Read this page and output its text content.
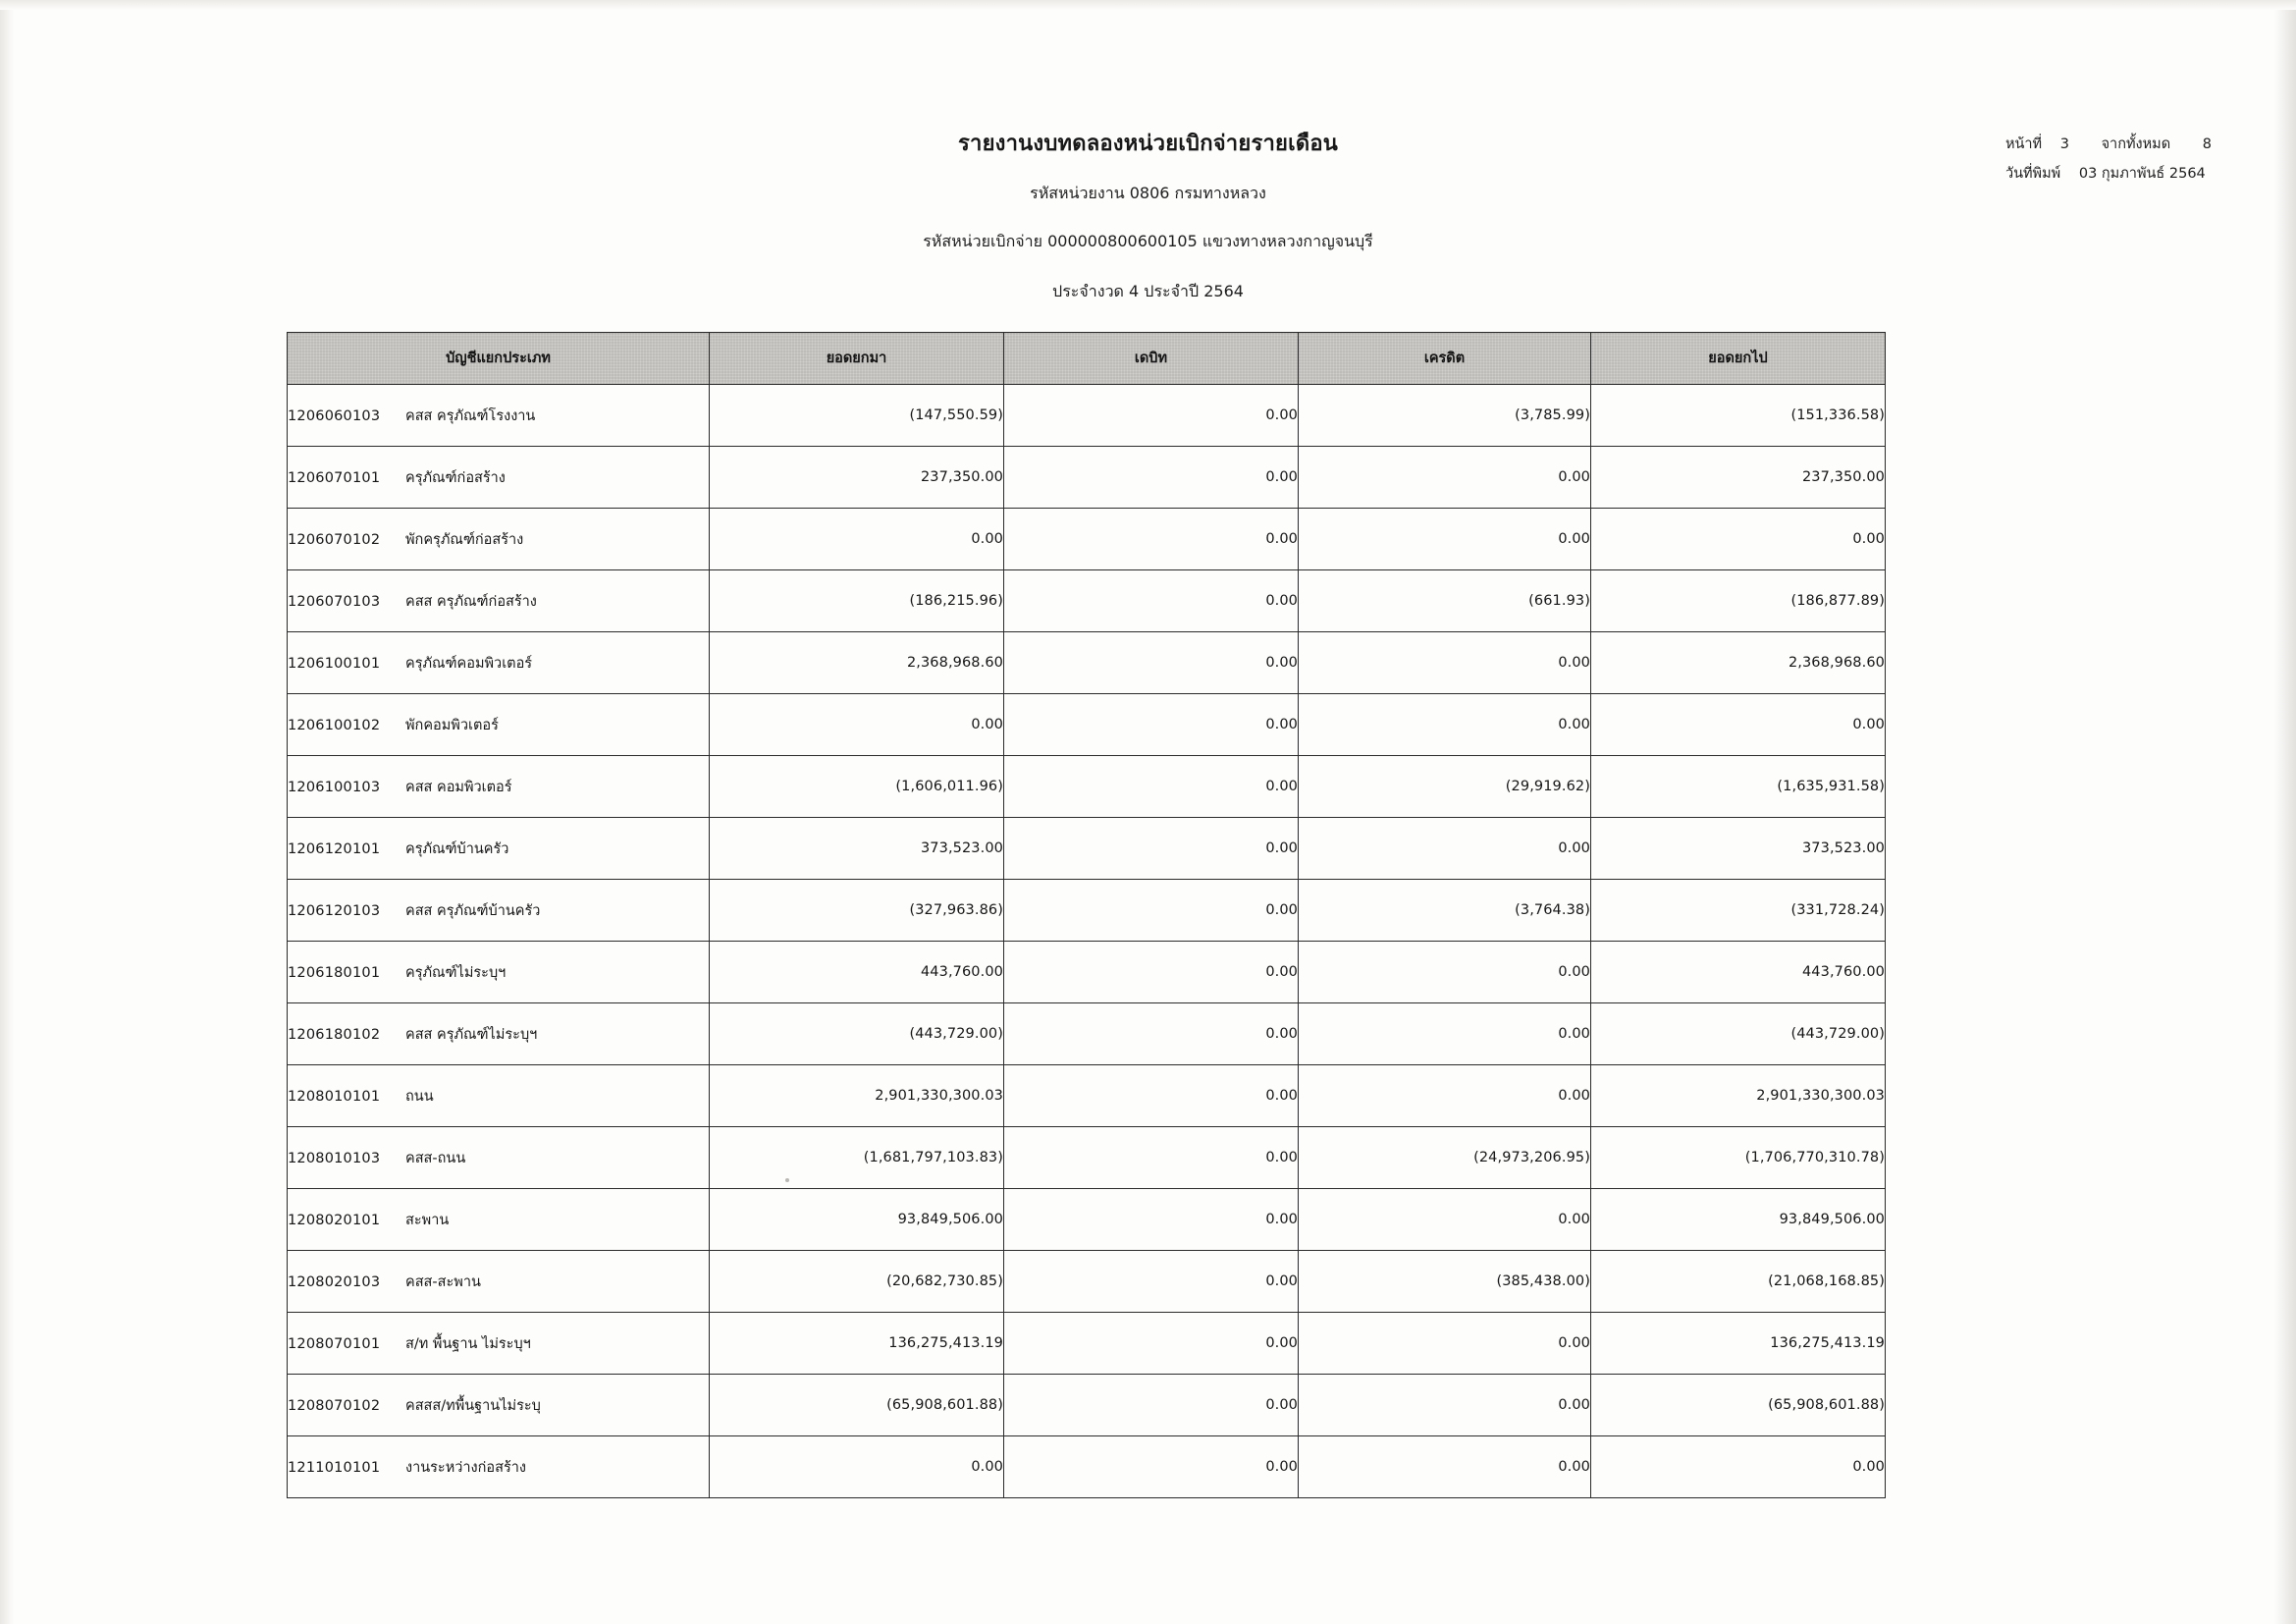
รายงานงบทดลองหน่วยเบิกจ่ายรายเดือน
รหัสหน่วยงาน 0806 กรมทางหลวง
รหัสหน่วยเบิกจ่าย 000000800600105 แขวงทางหลวงกาญจนบุรี
ประจำงวด 4 ประจำปี 2564
หน้าที่ 3 จากทั้งหมด 8
วันที่พิมพ์ 03 กุมภาพันธ์ 2564
บัญชีแยกประเภท	ยอดยกมา	เดบิท	เครดิต	ยอดยกไป

1206060103 คสส ครุภัณฑ์โรงงาน	(147,550.59)	0.00	(3,785.99)	(151,336.58)
1206070101 ครุภัณฑ์ก่อสร้าง	237,350.00	0.00	0.00	237,350.00
1206070102 พักครุภัณฑ์ก่อสร้าง	0.00	0.00	0.00	0.00
1206070103 คสส ครุภัณฑ์ก่อสร้าง	(186,215.96)	0.00	(661.93)	(186,877.89)
1206100101 ครุภัณฑ์คอมพิวเตอร์	2,368,968.60	0.00	0.00	2,368,968.60
1206100102 พักคอมพิวเตอร์	0.00	0.00	0.00	0.00
1206100103 คสส คอมพิวเตอร์	(1,606,011.96)	0.00	(29,919.62)	(1,635,931.58)
1206120101 ครุภัณฑ์บ้านครัว	373,523.00	0.00	0.00	373,523.00
1206120103 คสส ครุภัณฑ์บ้านครัว	(327,963.86)	0.00	(3,764.38)	(331,728.24)
1206180101 ครุภัณฑ์ไม่ระบุฯ	443,760.00	0.00	0.00	443,760.00
1206180102 คสส ครุภัณฑ์ไม่ระบุฯ	(443,729.00)	0.00	0.00	(443,729.00)
1208010101 ถนน	2,901,330,300.03	0.00	0.00	2,901,330,300.03
1208010103 คสส-ถนน	(1,681,797,103.83)	0.00	(24,973,206.95)	(1,706,770,310.78)
1208020101 สะพาน	93,849,506.00	0.00	0.00	93,849,506.00
1208020103 คสส-สะพาน	(20,682,730.85)	0.00	(385,438.00)	(21,068,168.85)
1208070101 ส/ท พื้นฐาน ไม่ระบุฯ	136,275,413.19	0.00	0.00	136,275,413.19
1208070102 คสสส/ทพื้นฐานไม่ระบุ	(65,908,601.88)	0.00	0.00	(65,908,601.88)
1211010101 งานระหว่างก่อสร้าง	0.00	0.00	0.00	0.00
